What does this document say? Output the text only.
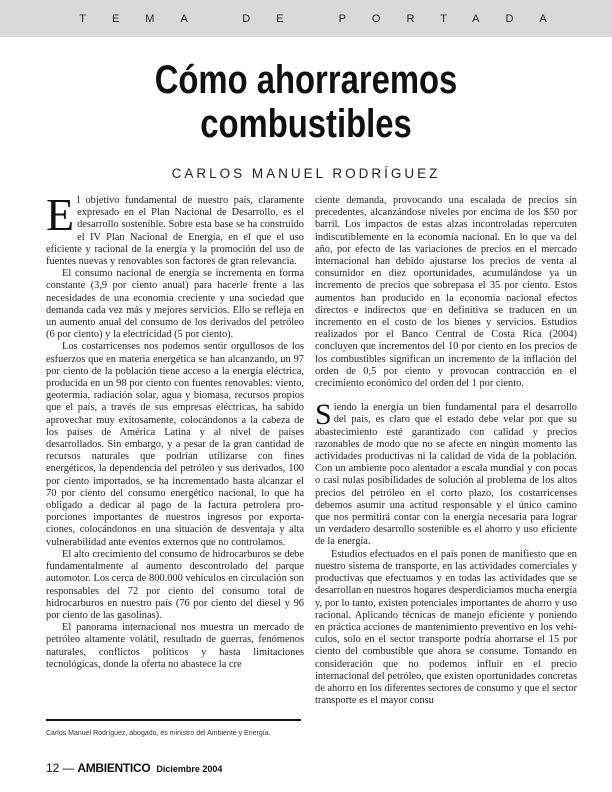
TEMA DE PORTADA
Cómo ahorraremos
combustibles
CARLOS MANUEL RODRÍGUEZ

El objetivo fundamental de nuestro país, claramente expresado en el Plan Nacional de Desarrollo, es el desarrollo sostenible. Sobre esta base se ha construido el IV Plan Nacional de Energía, en el que el uso eficiente y racional de la energía y la promoción del uso de fuentes nuevas y renovables son factores de gran relevancia.

El consumo nacional de energía se incrementa en forma constante (3,9 por ciento anual) para hacerle frente a las necesidades de una economía creciente y una sociedad que demanda cada vez más y mejores servicios. Ello se refleja en un aumento anual del consumo de los derivados del petróleo (6 por ciento) y la electricidad (5 por ciento).

Los costarricenses nos podemos sentir orgullosos de los esfuerzos que en materia energética se han alcanzando, un 97 por ciento de la población tiene acceso a la energía eléctrica, producida en un 98 por ciento con fuentes renovables: viento, geotermia, radiación solar, agua y biomasa, recursos propios que el país, a través de sus empresas eléctricas, ha sabido aprovechar muy exitosamente, colocándonos a la cabeza de los países de América Latina y al nivel de países desarrollados. Sin embargo, y a pesar de la gran cantidad de recursos naturales que podrían utilizarse con fines energéticos, la dependencia del petróleo y sus derivados, 100 por ciento importados, se ha incrementado hasta alcanzar el 70 por ciento del consumo energético nacional, lo que ha obligado a dedicar al pago de la factura petrolera proporciones importantes de nuestros ingresos por exportaciones, colocándonos en una situación de desventaja y alta vulnerabilidad ante eventos externos que no controlamos.

El alto crecimiento del consumo de hidrocarburos se debe fundamentalmente al aumento descontrolado del parque automotor. Los cerca de 800.000 vehículos en circulación son responsables del 72 por ciento del consumo total de hidrocarburos en nuestro país (76 por ciento del diesel y 96 por ciento de las gasolinas).

El panorama internacional nos muestra un mercado de petróleo altamente volátil, resultado de guerras, fenómenos naturales, conflictos políticos y hasta limitaciones tecnológicas, donde la oferta no abastece la cre

ciente demanda, provocando una escalada de precios sin precedentes, alcanzándose niveles por encima de los $50 por barril. Los impactos de estas alzas incontroladas repercuten indiscutiblemente en la economía nacional. En lo que va del año, por efecto de las variaciones de precios en el mercado internacional han debido ajustarse los precios de venta al consumidor en diez oportunidades, acumulándose ya un incremento de precios que sobrepasa el 35 por ciento. Estos aumentos han producido en la economía nacional efectos directos e indirectos que en definitiva se traducen en un incremento en el costo de los bienes y servicios. Estudios realizados por el Banco Central de Costa Rica (2004) concluyen que incrementos del 10 por ciento en los precios de los combustibles significan un incremento de la inflación del orden de 0,5 por ciento y provocan contracción en el crecimiento económico del orden del 1 por ciento.

Siendo la energía un bien fundamental para el desarrollo del país, es claro que el estado debe velar por que su abastecimiento esté garantizado con calidad y precios razonables de modo que no se afecte en ningún momento las actividades productivas ni la calidad de vida de la población. Con un ambiente poco alentador a escala mundial y con pocas o casi nulas posibilidades de solución al problema de los altos precios del petróleo en el corto plazo, los costarricenses debemos asumir una actitud responsable y el único camino que nos permitirá contar con la energía necesaria para lograr un verdadero desarrollo sostenible es el ahorro y uso eficiente de la energía.

Estudios efectuados en el país ponen de manifiesto que en nuestro sistema de transporte, en las actividades comerciales y productivas que efectuamos y en todas las actividades que se desarrollan en nuestros hogares desperdiciamos mucha energía y, por lo tanto, existen potenciales importantes de ahorro y uso racional. Aplicando técnicas de manejo eficiente y poniendo en práctica acciones de mantenimiento preventivo en los vehículos, solo en el sector transporte podría ahorrarse el 15 por ciento del combustible que ahora se consume. Tomando en consideración que no podemos influir en el precio internacional del petróleo, que existen oportunidades concretas de ahorro en los diferentes sectores de consumo y que el sector transporte es el mayor consu

Carlos Manuel Rodríguez, abogado, es ministro del Ambiente y Energía.
12 — AMBIENTICO Diciembre 2004
